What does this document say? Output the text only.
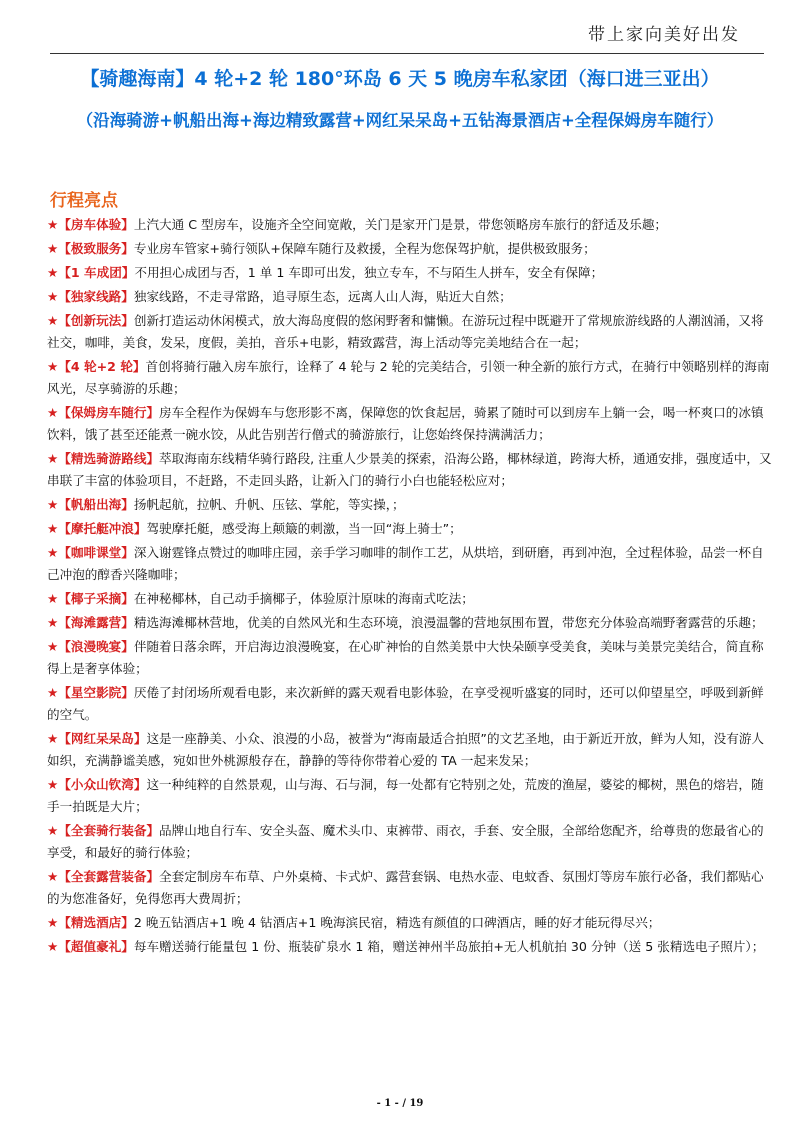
带上家向美好出发
【骑趣海南】4 轮+2 轮 180°环岛 6 天 5 晚房车私家团（海口进三亚出）
（沿海骑游+帆船出海+海边精致露营+网红呆呆岛+五钻海景酒店+全程保姆房车随行）
行程亮点
★【房车体验】上汽大通 C 型房车，设施齐全空间宽敞，关门是家开门是景，带您领略房车旅行的舒适及乐趣；
★【极致服务】专业房车管家+骑行领队+保障车随行及救援，全程为您保驾护航，提供极致服务；
★【1 车成团】不用担心成团与否，1 单 1 车即可出发，独立专车，不与陌生人拼车，安全有保障；
★【独家线路】独家线路，不走寻常路，追寻原生态，远离人山人海，贴近大自然；
★【创新玩法】创新打造运动休闲模式，放大海岛度假的悠闲野奢和慵懒。在游玩过程中既避开了常规旅游线路的人潮汹涌，又将社交，咖啡，美食，发呆，度假，美拍，音乐+电影，精致露营，海上活动等完美地结合在一起；
★【4 轮+2 轮】首创将骑行融入房车旅行，诠释了 4 轮与 2 轮的完美结合，引领一种全新的旅行方式，在骑行中领略别样的海南风光，尽享骑游的乐趣；
★【保姆房车随行】房车全程作为保姆车与您形影不离，保障您的饮食起居，骑累了随时可以到房车上躺一会，喝一杯爽口的冰镇饮料，饿了甚至还能煮一碗水饺，从此告别苦行僧式的骑游旅行，让您始终保持满满活力；
★【精选骑游路线】萃取海南东线精华骑行路段, 注重人少景美的探索，沿海公路，椰林绿道，跨海大桥，通通安排，强度适中，又串联了丰富的体验项目，不赶路，不走回头路，让新入门的骑行小白也能轻松应对；
★【帆船出海】扬帆起航，拉帆、升帆、压铉、掌舵，等实操，；
★【摩托艇冲浪】驾驶摩托艇，感受海上颠簸的刺激，当一回“海上骑士”；
★【咖啡课堂】深入谢霆锋点赞过的咖啡庄园，亲手学习咖啡的制作工艺，从烘培，到研磨，再到冲泡，全过程体验，品尝一杯自己冲泡的醇香兴隆咖啡；
★【椰子采摘】在神秘椰林，自己动手摘椰子，体验原汁原味的海南式吃法；
★【海滩露营】精选海滩椰林营地，优美的自然风光和生态环境，浪漫温馨的营地氛围布置，带您充分体验高端野奢露营的乐趣；
★【浪漫晚宴】伴随着日落余晖，开启海边浪漫晚宴，在心旷神怡的自然美景中大快朵颐享受美食，美味与美景完美结合，简直称得上是奢享体验；
★【星空影院】厌倦了封闭场所观看电影，来次新鲜的露天观看电影体验，在享受视听盛宴的同时，还可以仰望星空，呼吸到新鲜的空气。
★【网红呆呆岛】这是一座静美、小众、浪漫的小岛，被誉为“海南最适合拍照”的文艺圣地，由于新近开放，鲜为人知，没有游人如织，充满静谧美感，宛如世外桃源般存在，静静的等待你带着心爱的 TA 一起来发呆；
★【小众山钦湾】这一种纯粹的自然景观，山与海、石与洞，每一处都有它特别之处，荒废的渔屋，婆娑的椰树，黑色的熔岩，随手一拍既是大片；
★【全套骑行装备】品牌山地自行车、安全头盔、魔术头巾、束裤带、雨衣，手套、安全服，全部给您配齐，给尊贵的您最省心的享受，和最好的骑行体验；
★【全套露营装备】全套定制房车布草、户外桌椅、卡式炉、露营套锅、电热水壶、电蚊香、氛围灯等房车旅行必备，我们都贴心的为您准备好，免得您再大费周折；
★【精选酒店】2 晚五钻酒店+1 晚 4 钻酒店+1 晚海滨民宿，精选有颜值的口碑酒店，睡的好才能玩得尽兴；
★【超值豪礼】每车赠送骑行能量包 1 份、瓶装矿泉水 1 箱，赠送神州半岛旅拍+无人机航拍 30 分钟（送 5 张精选电子照片）；
- 1 - / 19
